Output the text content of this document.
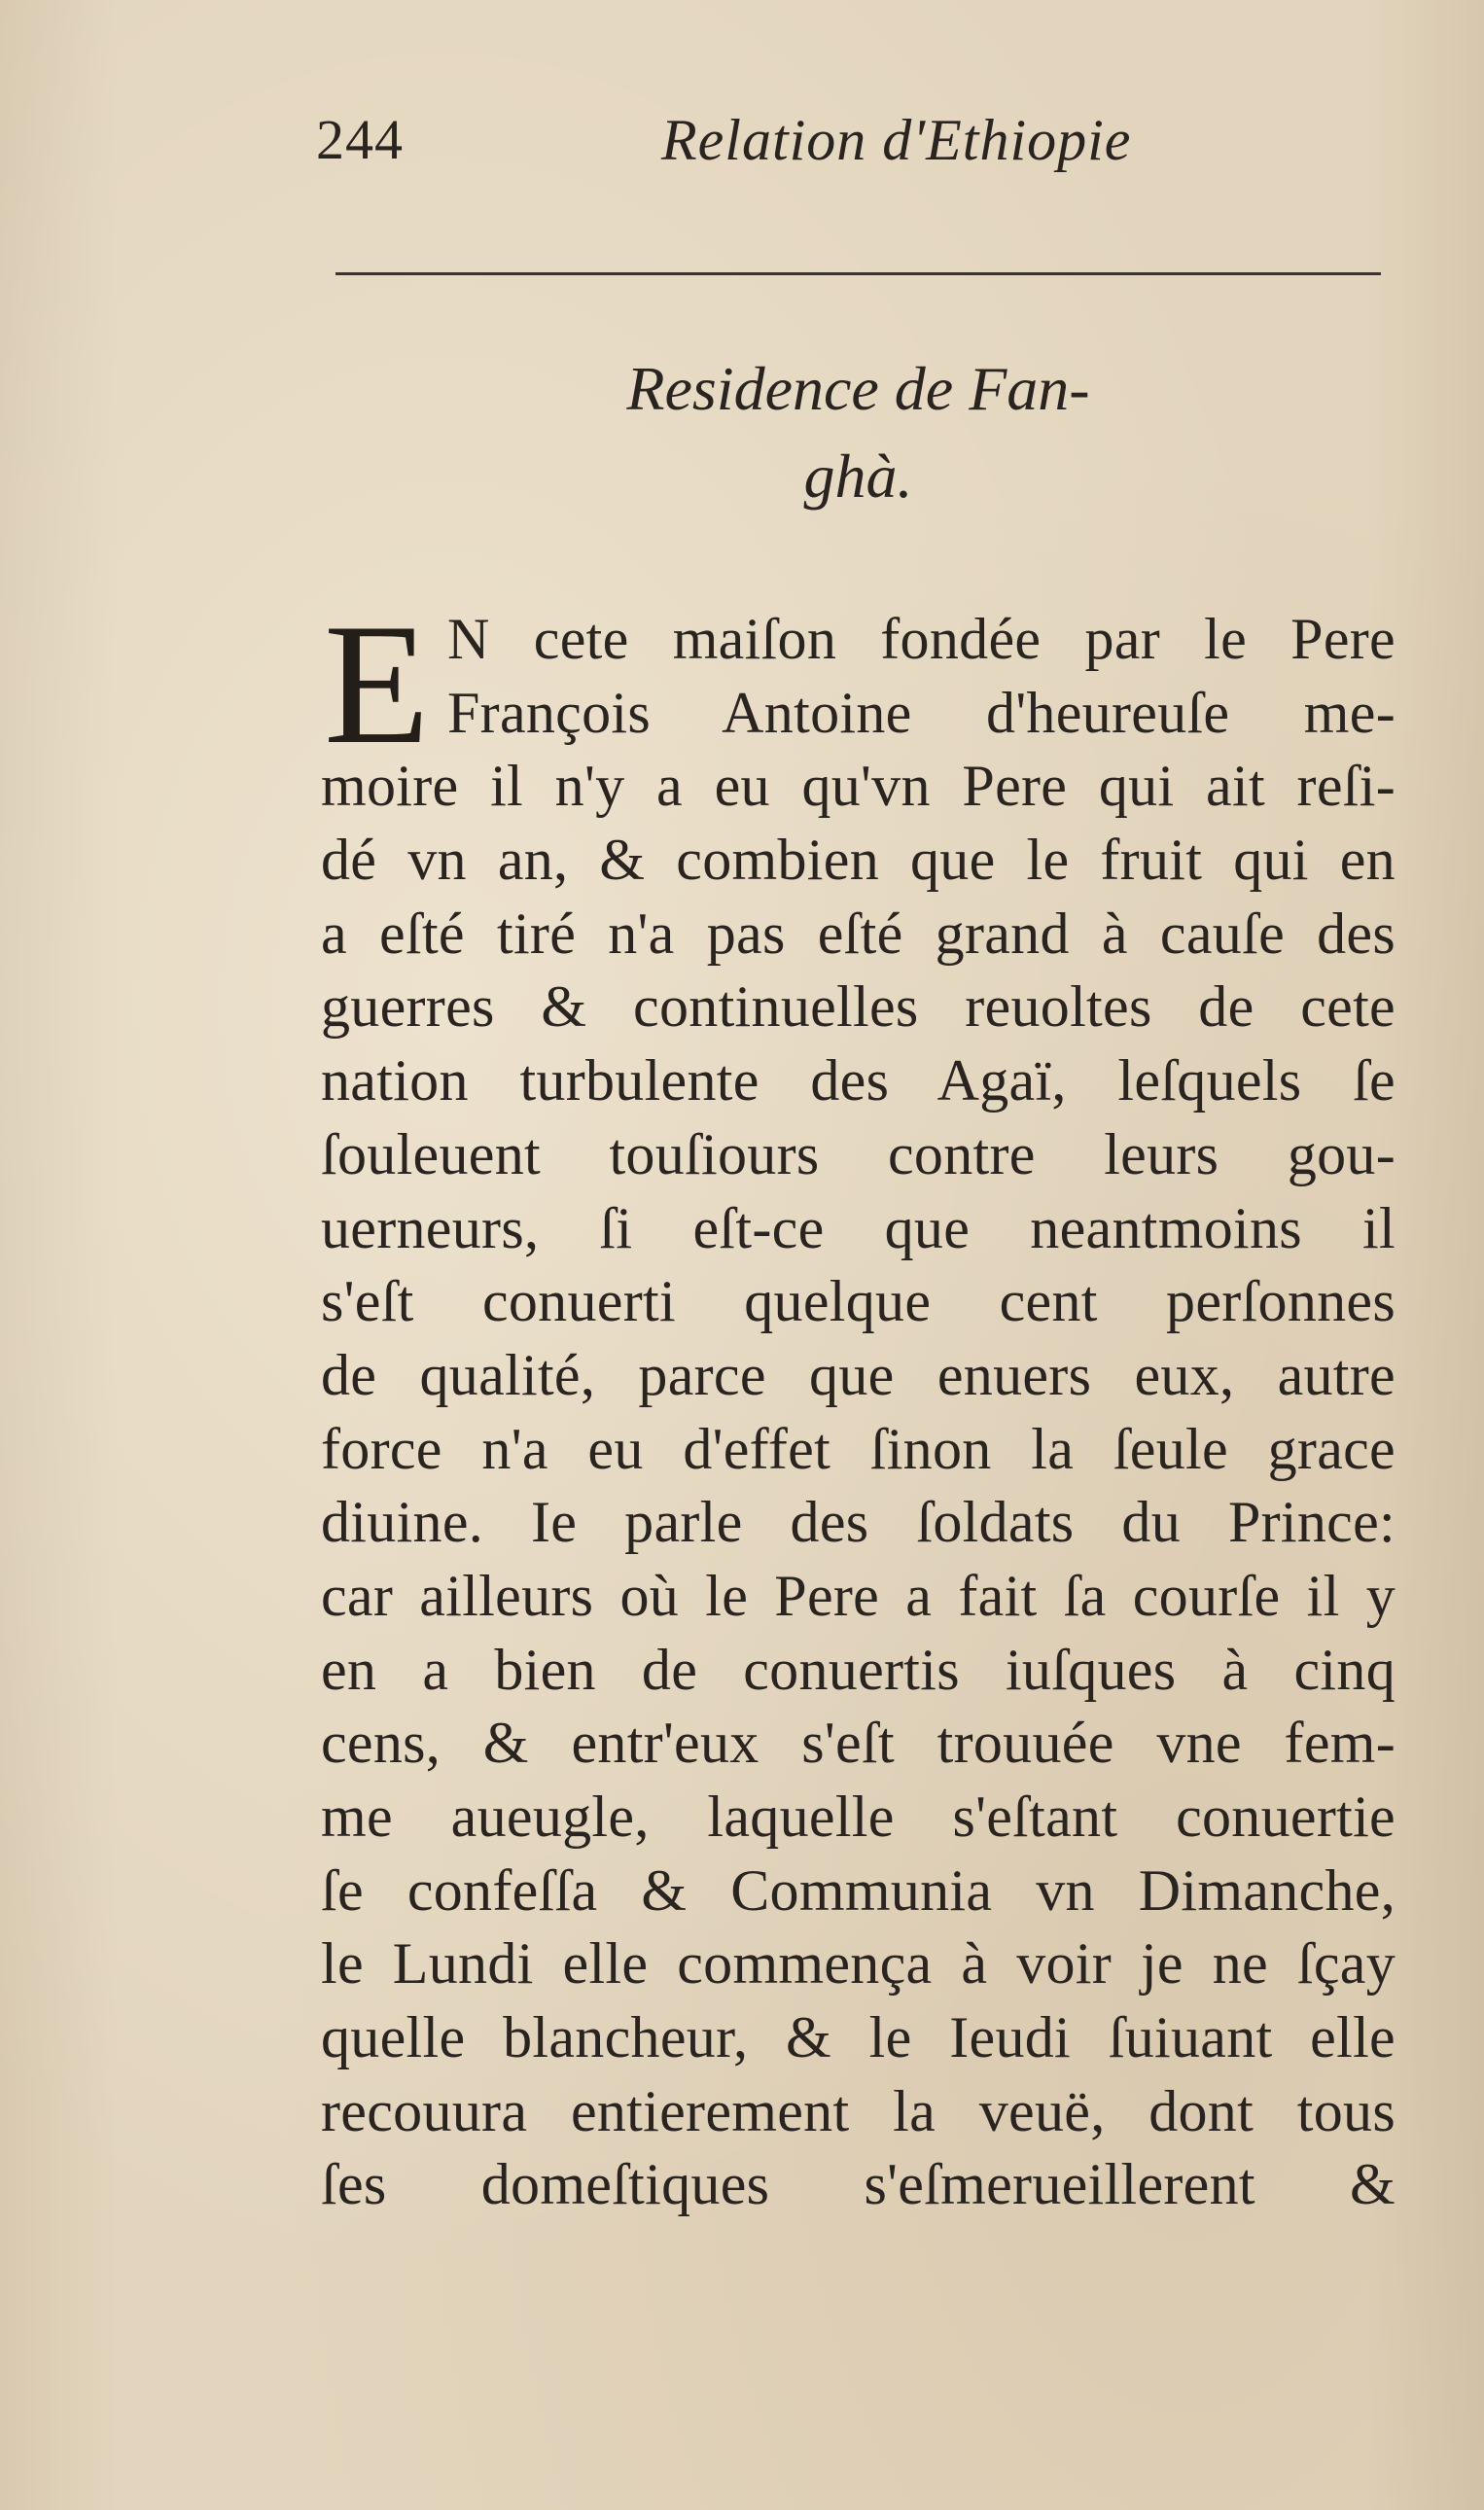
244	Relation d'Ethiopie
Residence de Fan-
ghà.
E N cete maiſon fondée par le Pere
François Antoine d'heureuſe me-
moire il n'y a eu qu'vn Pere qui ait reſi-
dé vn an, & combien que le fruit qui en
a eſté tiré n'a pas eſté grand à cauſe des
guerres & continuelles reuoltes de cete
nation turbulente des Agaï, leſquels ſe
ſouleuent touſiours contre leurs gou-
uerneurs, ſi eſt-ce que neantmoins il
s'eſt conuerti quelque cent perſonnes
de qualité, parce que enuers eux, autre
force n'a eu d'effet ſinon la ſeule grace
diuine. Ie parle des ſoldats du Prince:
car ailleurs où le Pere a fait ſa courſe il y
en a bien de conuertis iuſques à cinq
cens, & entr'eux s'eſt trouuée vne fem-
me aueugle, laquelle s'eſtant conuertie
ſe confeſſa & Communia vn Dimanche,
le Lundi elle commença à voir je ne ſçay
quelle blancheur, & le Ieudi ſuiuant elle
recouura entierement la veuë, dont tous
ſes domeſtiques s'eſmerueillerent &
